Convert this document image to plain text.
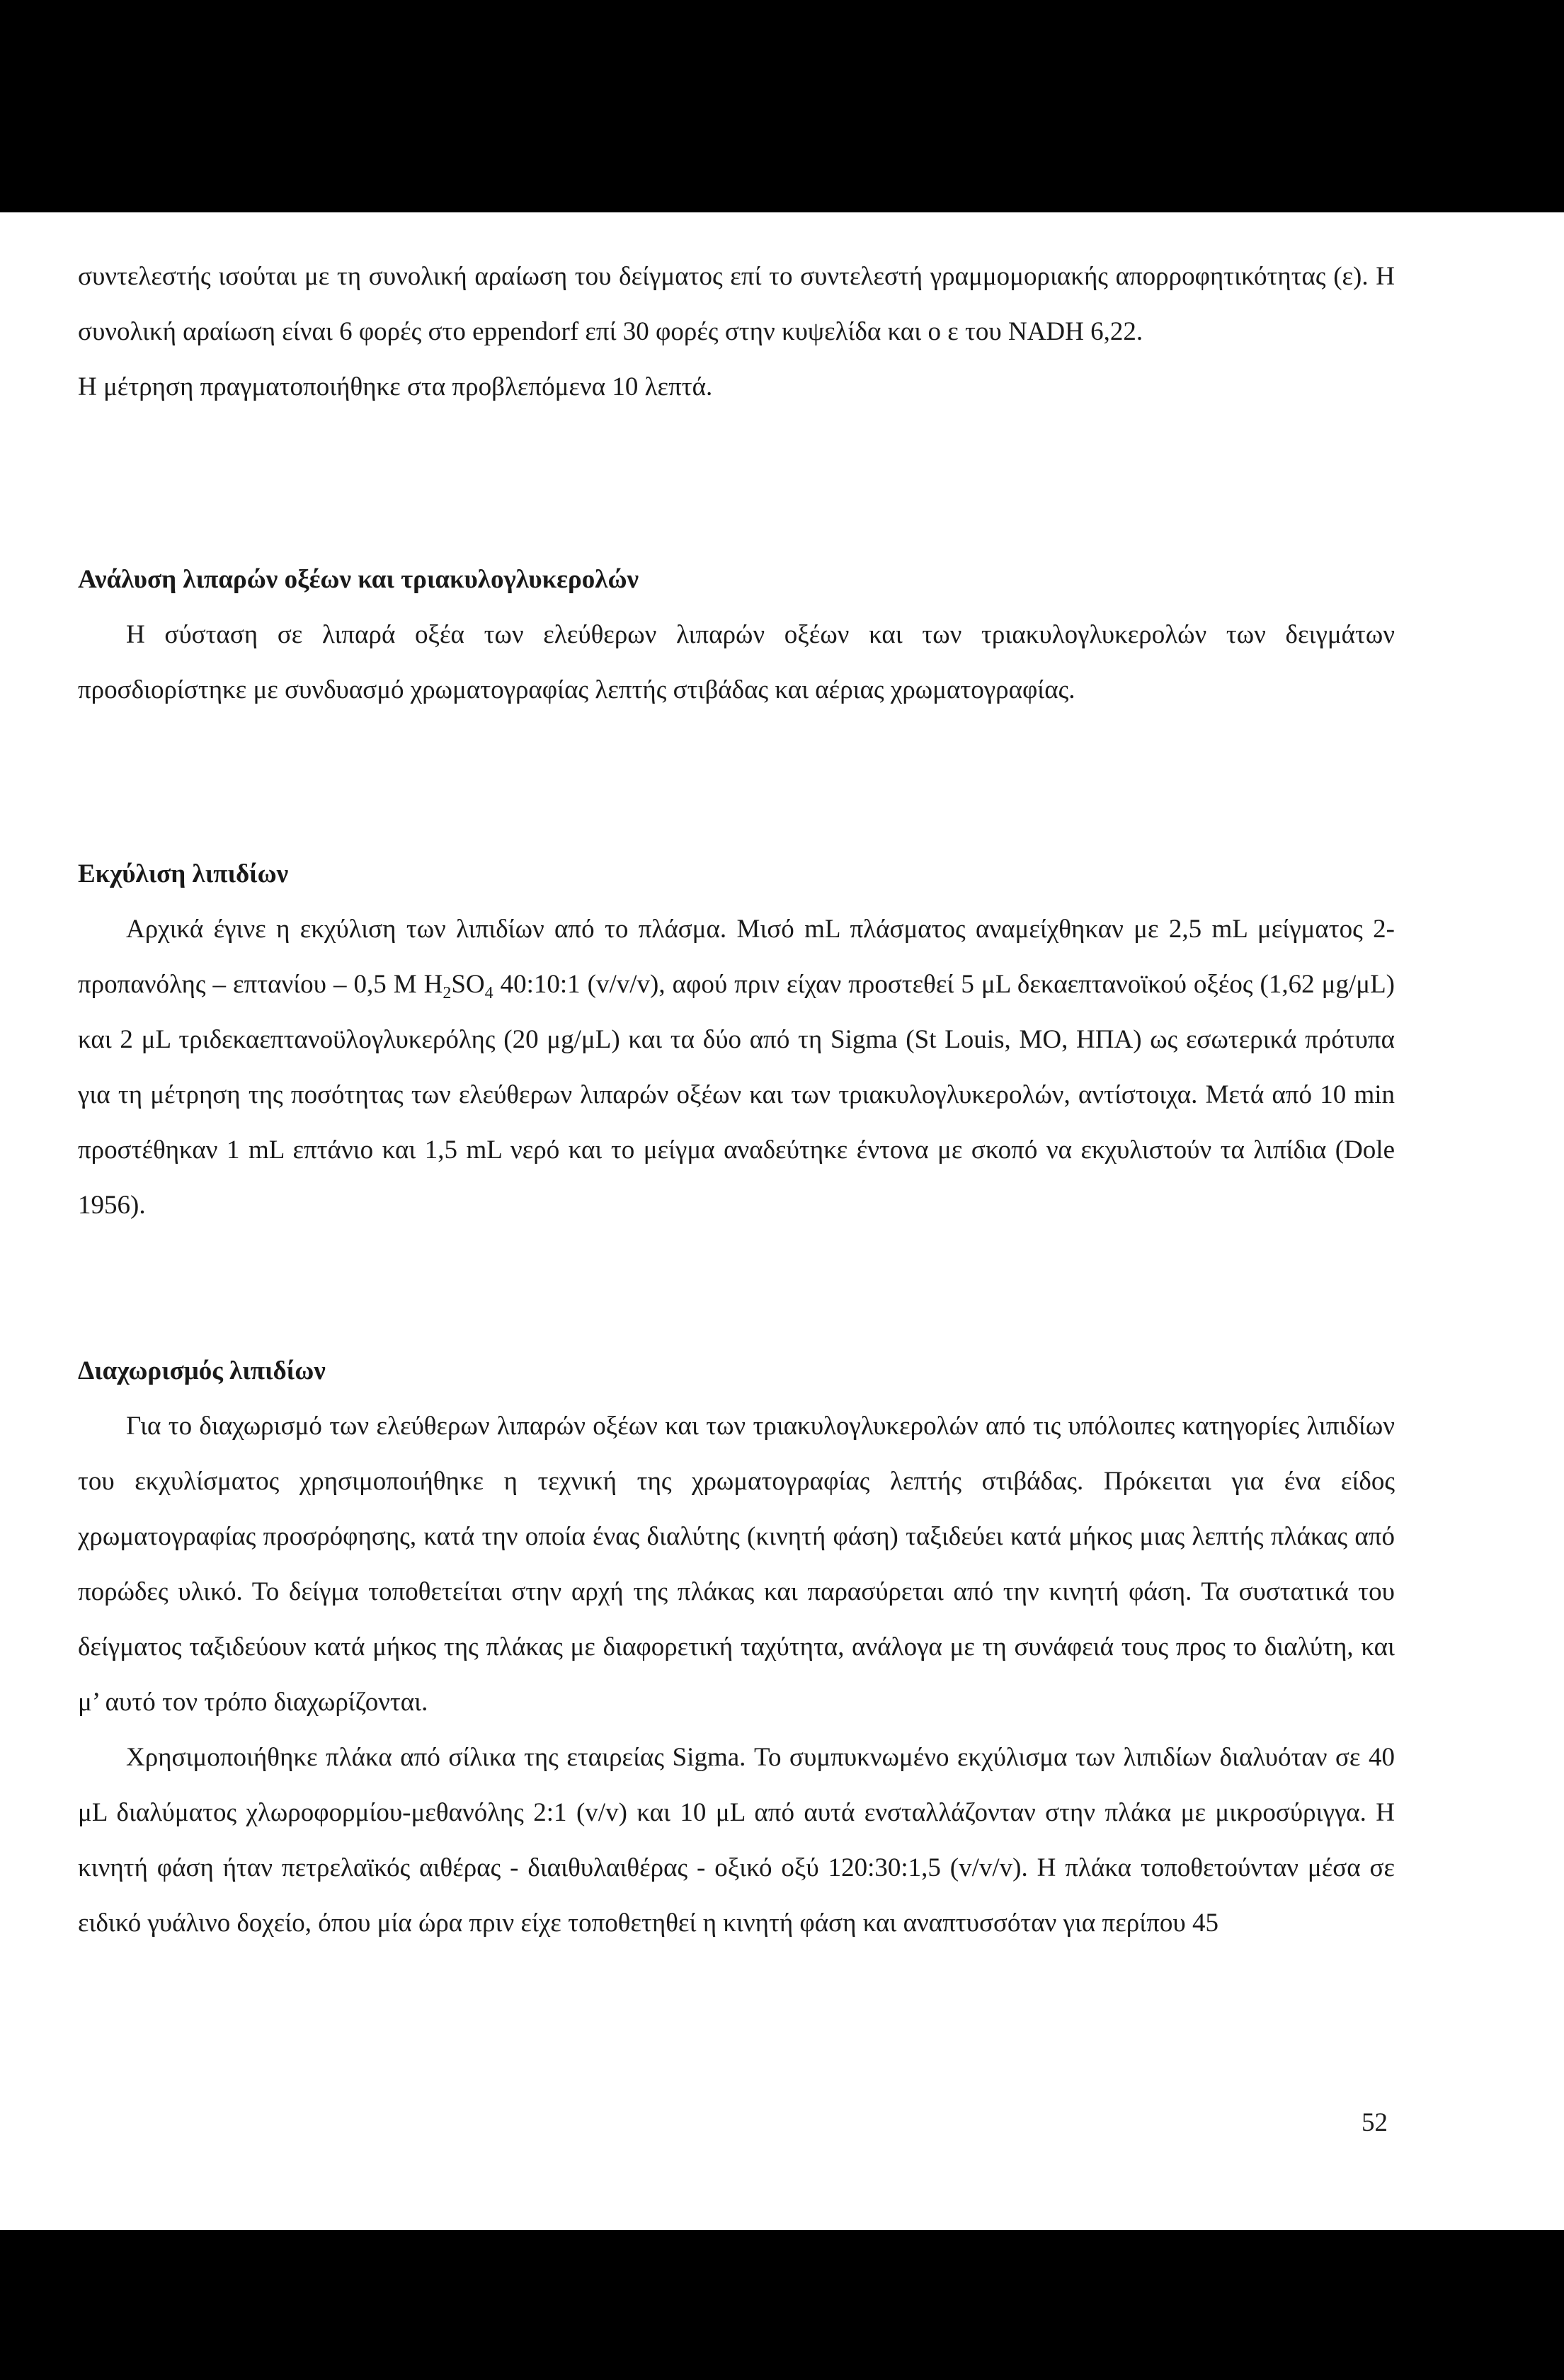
συντελεστής ισούται με τη συνολική αραίωση του δείγματος επί το συντελεστή γραμμομοριακής απορροφητικότητας (ε). Η συνολική αραίωση είναι 6 φορές στο eppendorf επί 30 φορές στην κυψελίδα και ο ε του NADH 6,22.

Η μέτρηση πραγματοποιήθηκε στα προβλεπόμενα 10 λεπτά.

Ανάλυση λιπαρών οξέων και τριακυλογλυκερολών

Η σύσταση σε λιπαρά οξέα των ελεύθερων λιπαρών οξέων και των τριακυλογλυκερολών των δειγμάτων προσδιορίστηκε με συνδυασμό χρωματογραφίας λεπτής στιβάδας και αέριας χρωματογραφίας.

Εκχύλιση λιπιδίων

Αρχικά έγινε η εκχύλιση των λιπιδίων από το πλάσμα. Μισό mL πλάσματος αναμείχθηκαν με 2,5 mL μείγματος 2-προπανόλης – επτανίου – 0,5 M $H_2SO_4$ 40:10:1 (v/v/v), αφού πριν είχαν προστεθεί 5 μL δεκαεπτανοϊκού οξέος (1,62 μg/μL) και 2 μL τριδεκαεπτανοϋλογλυκερόλης (20 μg/μL) και τα δύο από τη Sigma (St Louis, MO, ΗΠΑ) ως εσωτερικά πρότυπα για τη μέτρηση της ποσότητας των ελεύθερων λιπαρών οξέων και των τριακυλογλυκερολών, αντίστοιχα. Μετά από 10 min προστέθηκαν 1 mL επτάνιο και 1,5 mL νερό και το μείγμα αναδεύτηκε έντονα με σκοπό να εκχυλιστούν τα λιπίδια (Dole 1956).

Διαχωρισμός λιπιδίων

Για το διαχωρισμό των ελεύθερων λιπαρών οξέων και των τριακυλογλυκερολών από τις υπόλοιπες κατηγορίες λιπιδίων του εκχυλίσματος χρησιμοποιήθηκε η τεχνική της χρωματογραφίας λεπτής στιβάδας. Πρόκειται για ένα είδος χρωματογραφίας προσρόφησης, κατά την οποία ένας διαλύτης (κινητή φάση) ταξιδεύει κατά μήκος μιας λεπτής πλάκας από πορώδες υλικό. Το δείγμα τοποθετείται στην αρχή της πλάκας και παρασύρεται από την κινητή φάση. Τα συστατικά του δείγματος ταξιδεύουν κατά μήκος της πλάκας με διαφορετική ταχύτητα, ανάλογα με τη συνάφειά τους προς το διαλύτη, και μ’ αυτό τον τρόπο διαχωρίζονται.

Χρησιμοποιήθηκε πλάκα από σίλικα της εταιρείας Sigma. Το συμπυκνωμένο εκχύλισμα των λιπιδίων διαλυόταν σε 40 μL διαλύματος χλωροφορμίου-μεθανόλης 2:1 (v/v) και 10 μL από αυτά ενσταλλάζονταν στην πλάκα με μικροσύριγγα. Η κινητή φάση ήταν πετρελαϊκός αιθέρας - διαιθυλαιθέρας - οξικό οξύ 120:30:1,5 (v/v/v). Η πλάκα τοποθετούνταν μέσα σε ειδικό γυάλινο δοχείο, όπου μία ώρα πριν είχε τοποθετηθεί η κινητή φάση και αναπτυσσόταν για περίπου 45

52
